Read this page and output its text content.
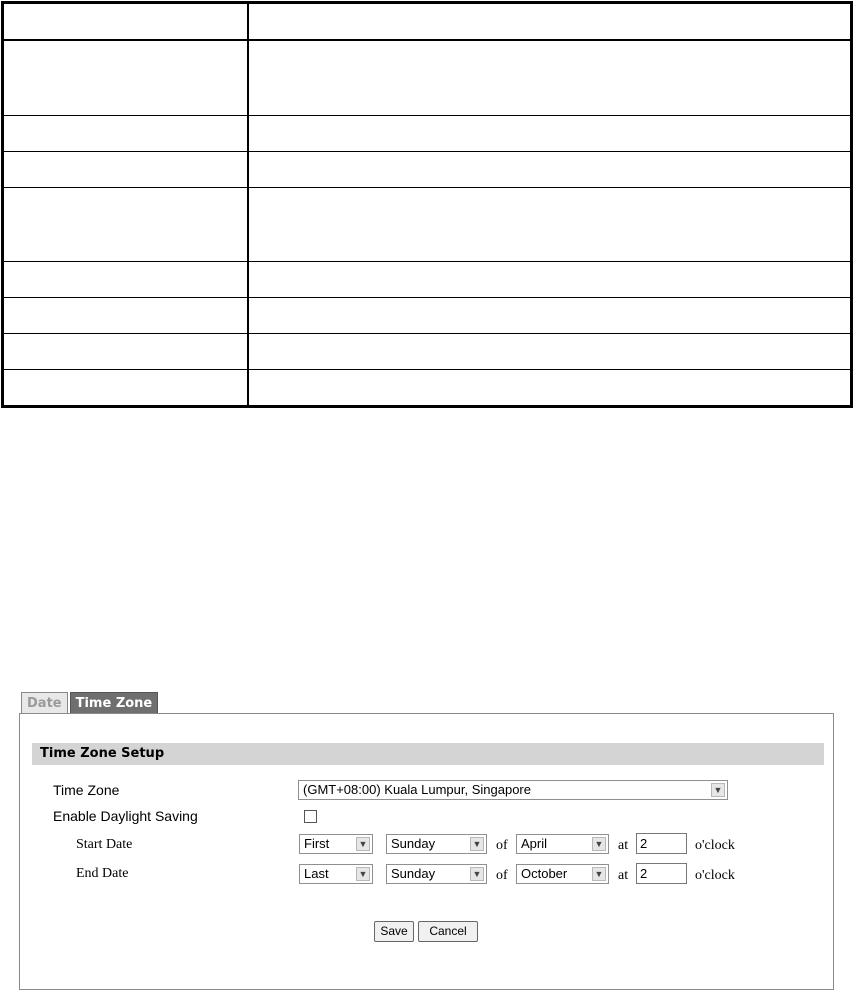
Date	Time Zone
Time Zone Setup
Time Zone	(GMT+08:00) Kuala Lumpur, Singapore	▼
Enable Daylight Saving
Start Date	First	▼	Sunday	▼ of	April	▼ at 2	o'clock
End Date	Last	▼	Sunday	▼ of	October	▼ at 2	o'clock
Save	Cancel
